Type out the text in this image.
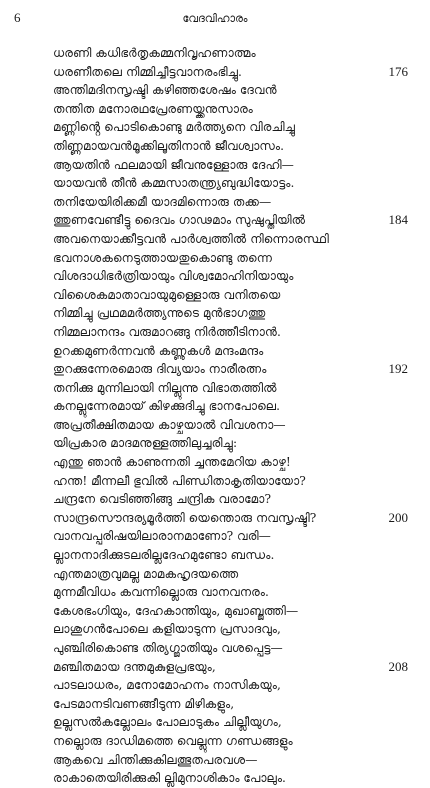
6	വേദവിഹാരം
ധരണി കധിഭർതൃകമ്മനിവൃഹണാത്മം
ധരണീതലെ നിമ്മിച്ചീട്ടവാനരംഭിച്ചു.	176
അന്തിമദിനസൃഷ്ടി കഴിഞ്ഞശേഷം ദേവൻ
തന്തിത മനോരഥപ്രേരണയ്ക്കനുസാരം
മണ്ണിൻ്റെ പൊടികൊണ്ടു മർത്ത്യനെ വിരചിച്ചു
തിണ്ണമായവൻമൂക്കിലൂതിനാൻ ജീവശ്വാസം.
ആയതിൻ ഫലമായി ജീവനുള്ളോരു ദേഹി—
യായവൻ തീൻ കമ്മസാതന്ത്ര്യബുദ്ധിയോട്ടം.
തനിയേയിരിക്കമീ യാദമിന്നൊരു തക്ക—
ത്തുണവേണ്ടീട്ടു ദൈവം ഗാഢമാം സുഷുപ്തിയിൽ	184
അവനെയാക്കീട്ടവൻ പാർശ്വത്തിൽ നിന്നൊരസ്ഥി
ഭവനാശകനെടുത്തായതുകൊണ്ടു തന്നെ
വിശദാധിഭർത്രിയായും വിശ്വമോഹിനിയായും
വിശൈകമാതാവായുമുള്ളൊരു വനിതയെ
നിമ്മിച്ചു പ്രഥമമർത്ത്യന്നുടെ മുൻഭാഗത്തു
നിമ്മലാനന്ദം വരുമാറങ്ങു നിർത്തീടിനാൻ.
ഉറക്കമുണർന്നവൻ കണ്ണുകൾ മന്ദംമന്ദം
തുറക്കുന്നേരമൊരു ദിവ്യയാം നാരീരത്നം	192
തനിക്കു മുന്നിലായി നില്ലുന്നു വിഭാതത്തിൽ
കനല്ലുന്നേരമായ് കിഴക്കുദിച്ചു ഭാനപോലെ.
അപ്രതീക്ഷിതമായ കാഴ്ചയാൽ വിവശനാ—
യിപ്രകാര മാദമനുള്ളത്തിലുച്ചരിച്ചു:
എന്തു ഞാൻ കാണുന്നതി ച്ചന്തമേറിയ കാഴ്ച!
ഹന്ത! മീന്നലീ ഭുവിൽ പിണ്ഡിതാകൃതിയായോ?
ചന്ദ്രനേ വെടിഞ്ഞിങ്ങു ചന്ദ്രിക വരാമോ?
സാന്ദ്രസൌന്ദര്യമൂർത്തി യെന്തൊരു നവസൃഷ്ടി?	200
വാനവപ്പരിഷയിലാരാനമാണോ? വരി—
ല്ലാനനാദിക്കുടലരില്ലദേഹമുണ്ടോ ബന്ധം.
എന്തമാത്രവുമല്ല മാമകഹൃദയത്തെ
മുന്നമീവിധം കവന്നില്ലൊരു വാനവനരം.
കേശഭംഗിയും, ദേഹകാന്തിയും, മുഖാബ്ജത്തി—
ലാശുഗൻപോലെ കളിയാടുന്ന പ്രസാദവും,
പുഞ്ചിരികൊണ്ട തിര്യഗ്ജാതിയും വശപ്പെട്ട—
മഞ്ചിതമായ ദന്തമുകുളപ്രഭയും,	208
പാടലാധരം, മനോമോഹനം നാസികയും,
പേടമാനടിവണങ്ങീടുന്ന മിഴികളും,
ഉല്ലസൽകല്ലോലം പോലാടുകം ചില്ലീയുഗം,
നല്ലൊരു ദാഡിമത്തെ വെല്ലുന്ന ഗണ്ഡങ്ങളും
ആകവെ ചിന്തിക്കുകിലത്ഭുതപരവശ—
രാകാതെയിരിക്കുകി ല്ലിമുനാശികാം പോലും.
